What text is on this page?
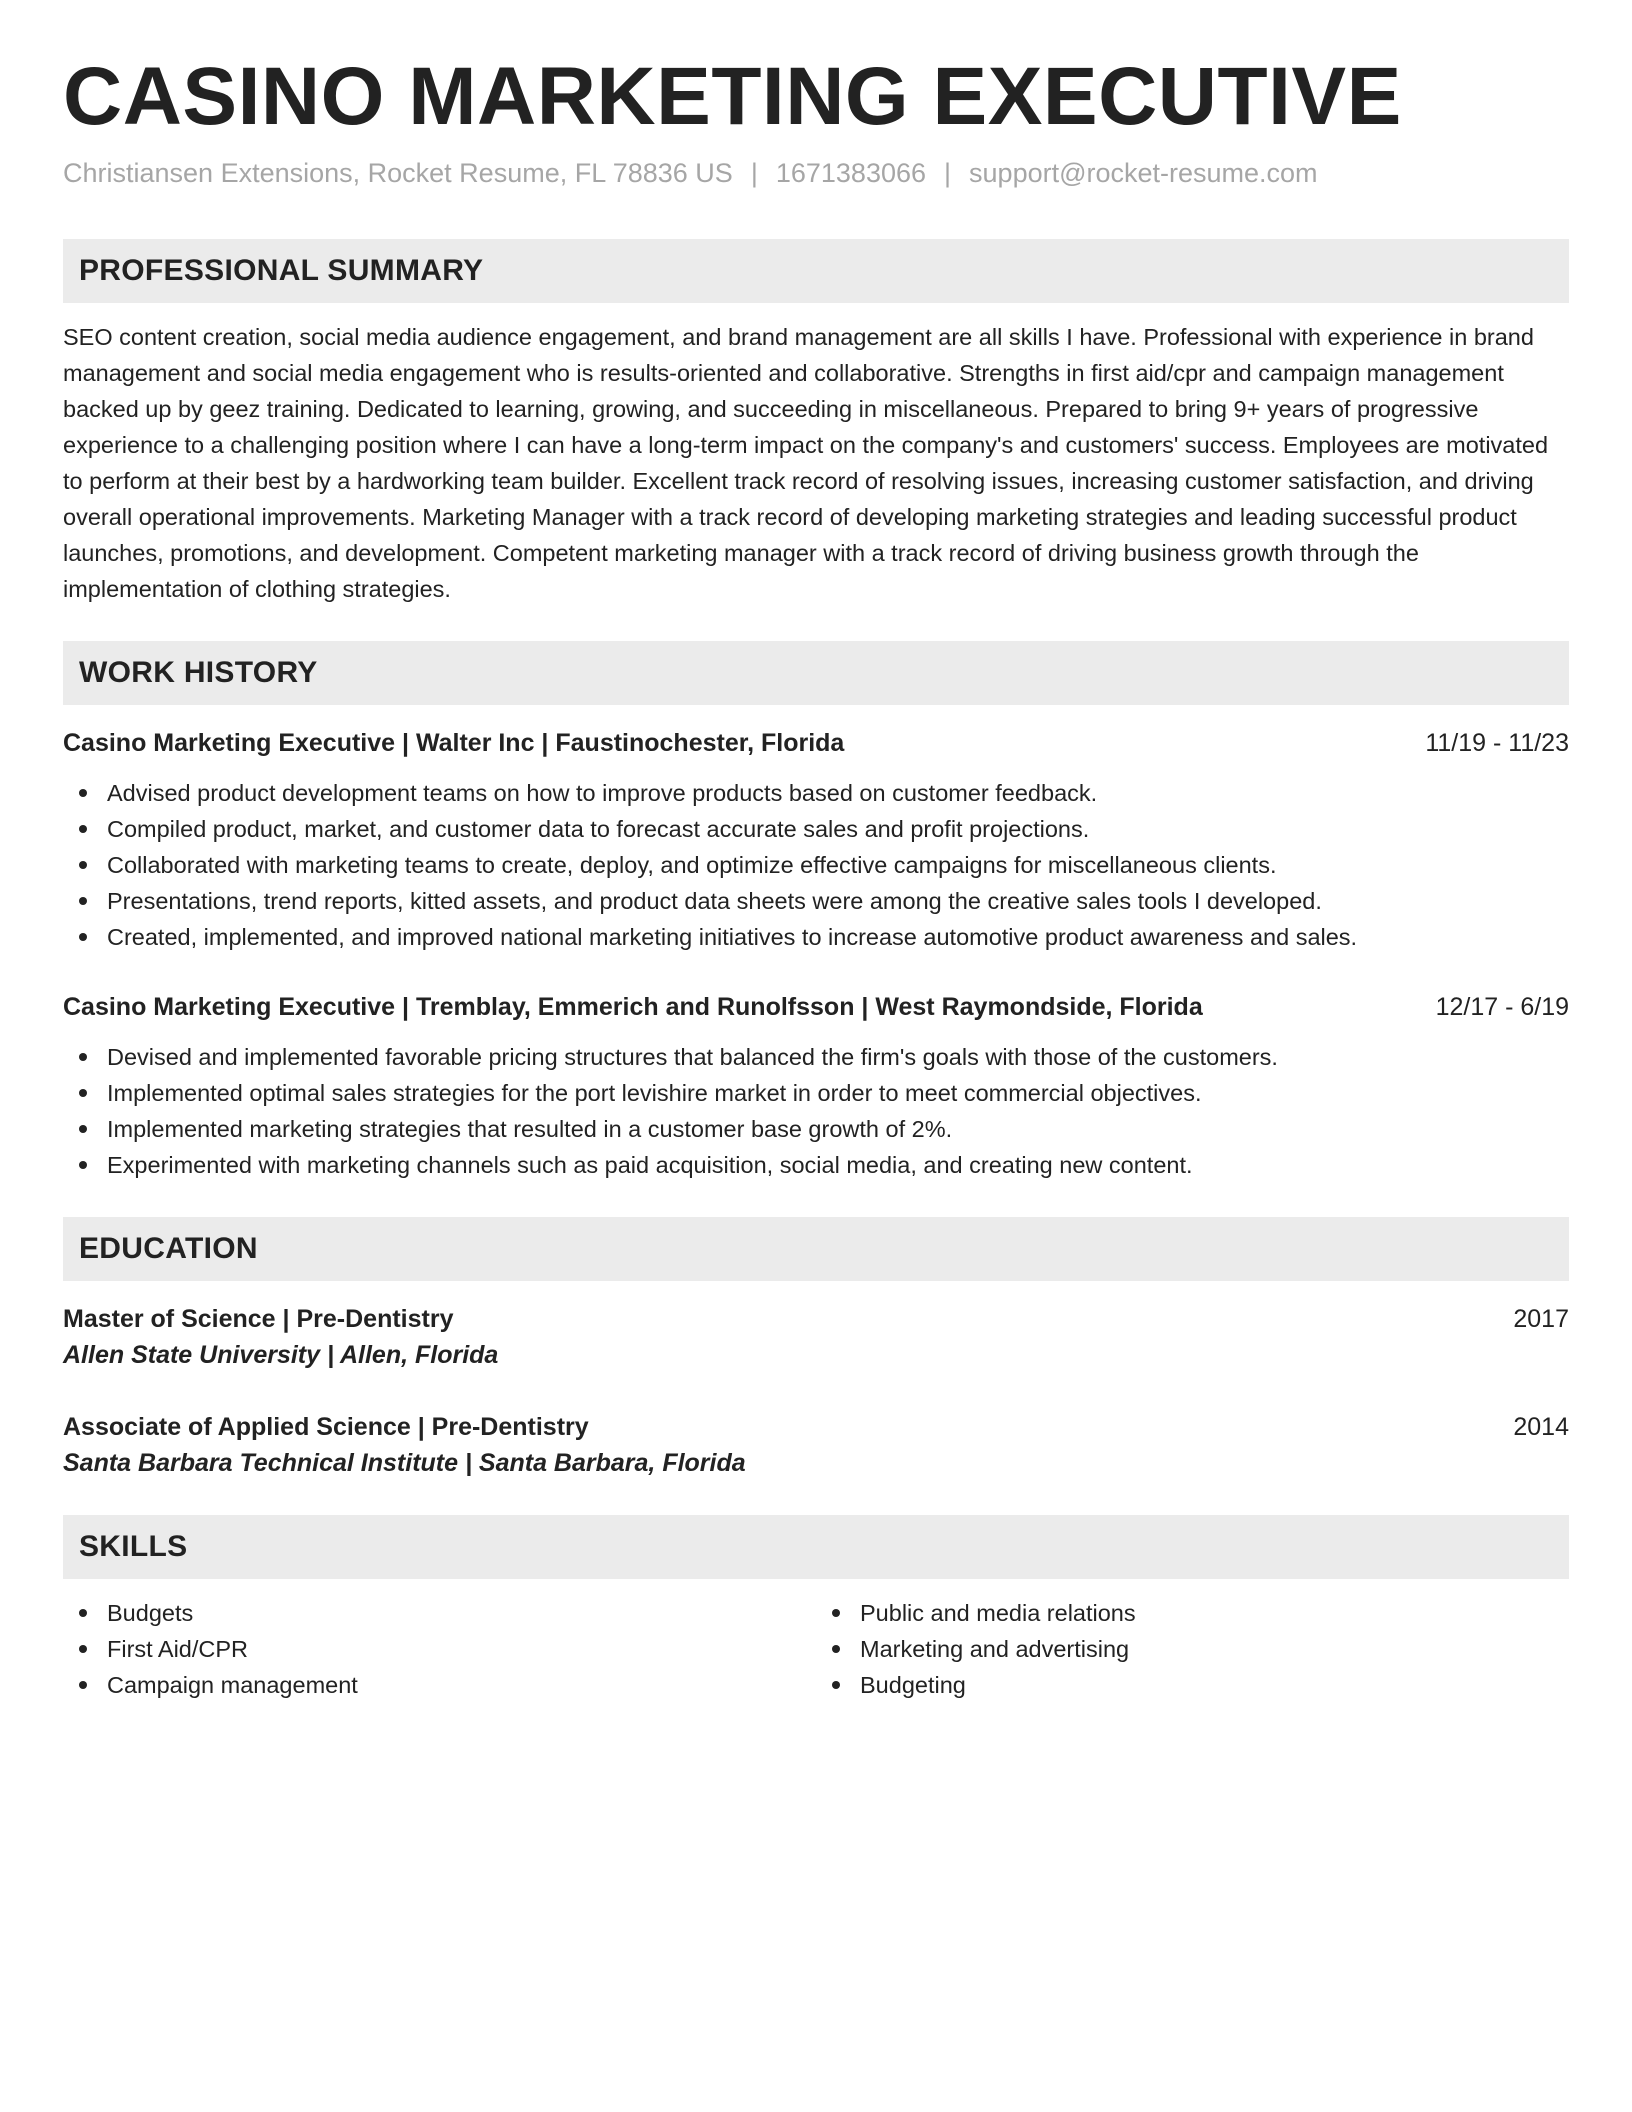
CASINO MARKETING EXECUTIVE
Christiansen Extensions, Rocket Resume, FL 78836 US | 1671383066 | support@rocket-resume.com
PROFESSIONAL SUMMARY
SEO content creation, social media audience engagement, and brand management are all skills I have. Professional with experience in brand management and social media engagement who is results-oriented and collaborative. Strengths in first aid/cpr and campaign management backed up by geez training. Dedicated to learning, growing, and succeeding in miscellaneous. Prepared to bring 9+ years of progressive experience to a challenging position where I can have a long-term impact on the company's and customers' success. Employees are motivated to perform at their best by a hardworking team builder. Excellent track record of resolving issues, increasing customer satisfaction, and driving overall operational improvements. Marketing Manager with a track record of developing marketing strategies and leading successful product launches, promotions, and development. Competent marketing manager with a track record of driving business growth through the implementation of clothing strategies.
WORK HISTORY
Casino Marketing Executive | Walter Inc | Faustinochester, Florida	11/19 - 11/23
Advised product development teams on how to improve products based on customer feedback.
Compiled product, market, and customer data to forecast accurate sales and profit projections.
Collaborated with marketing teams to create, deploy, and optimize effective campaigns for miscellaneous clients.
Presentations, trend reports, kitted assets, and product data sheets were among the creative sales tools I developed.
Created, implemented, and improved national marketing initiatives to increase automotive product awareness and sales.
Casino Marketing Executive | Tremblay, Emmerich and Runolfsson | West Raymondside, Florida	12/17 - 6/19
Devised and implemented favorable pricing structures that balanced the firm's goals with those of the customers.
Implemented optimal sales strategies for the port levishire market in order to meet commercial objectives.
Implemented marketing strategies that resulted in a customer base growth of 2%.
Experimented with marketing channels such as paid acquisition, social media, and creating new content.
EDUCATION
Master of Science | Pre-Dentistry	2017
Allen State University | Allen, Florida
Associate of Applied Science | Pre-Dentistry	2014
Santa Barbara Technical Institute | Santa Barbara, Florida
SKILLS
Budgets
First Aid/CPR
Campaign management
Public and media relations
Marketing and advertising
Budgeting
